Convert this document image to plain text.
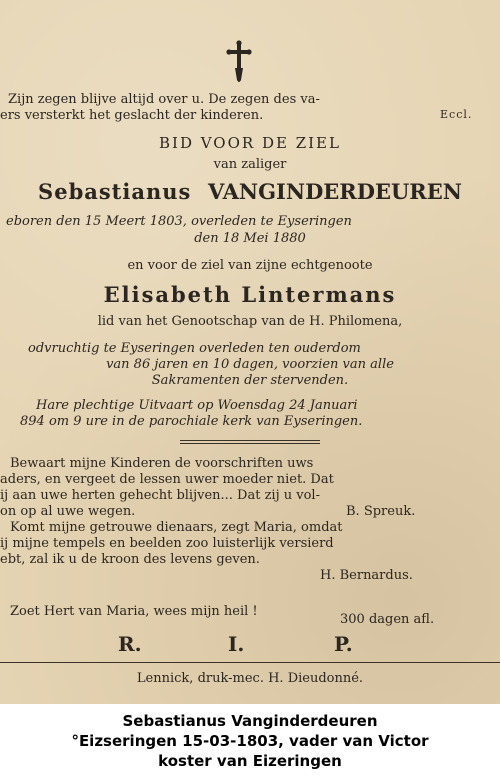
Zijn zegen blijve altijd over u. De zegen des va-
ers versterkt het geslacht der kinderen.	Eccl.
BID VOOR DE ZIEL
van zaliger
Sebastianus VANGINDERDEUREN
eboren den 15 Meert 1803, overleden te Eyseringen
den 18 Mei 1880
en voor de ziel van zijne echtgenoote
Elisabeth Lintermans
lid van het Genootschap van de H. Philomena,
odvruchtig te Eyseringen overleden ten ouderdom
van 86 jaren en 10 dagen, voorzien van alle
Sakramenten der stervenden.
Hare plechtige Uitvaart op Woensdag 24 Januari
894 om 9 ure in de parochiale kerk van Eyseringen.
Bewaart mijne Kinderen de voorschriften uws
aders, en vergeet de lessen uwer moeder niet. Dat
ij aan uwe herten gehecht blijven... Dat zij u vol-
on op al uwe wegen.	B. Spreuk.
Komt mijne getrouwe dienaars, zegt Maria, omdat
ij mijne tempels en beelden zoo luisterlijk versierd
ebt, zal ik u de kroon des levens geven.
H. Bernardus.
Zoet Hert van Maria, wees mijn heil !
300 dagen afl.
R.	I.	P.
Lennick, druk-mec. H. Dieudonné.
Sebastianus Vanginderdeuren
°Eizseringen 15-03-1803, vader van Victor
koster van Eizeringen
